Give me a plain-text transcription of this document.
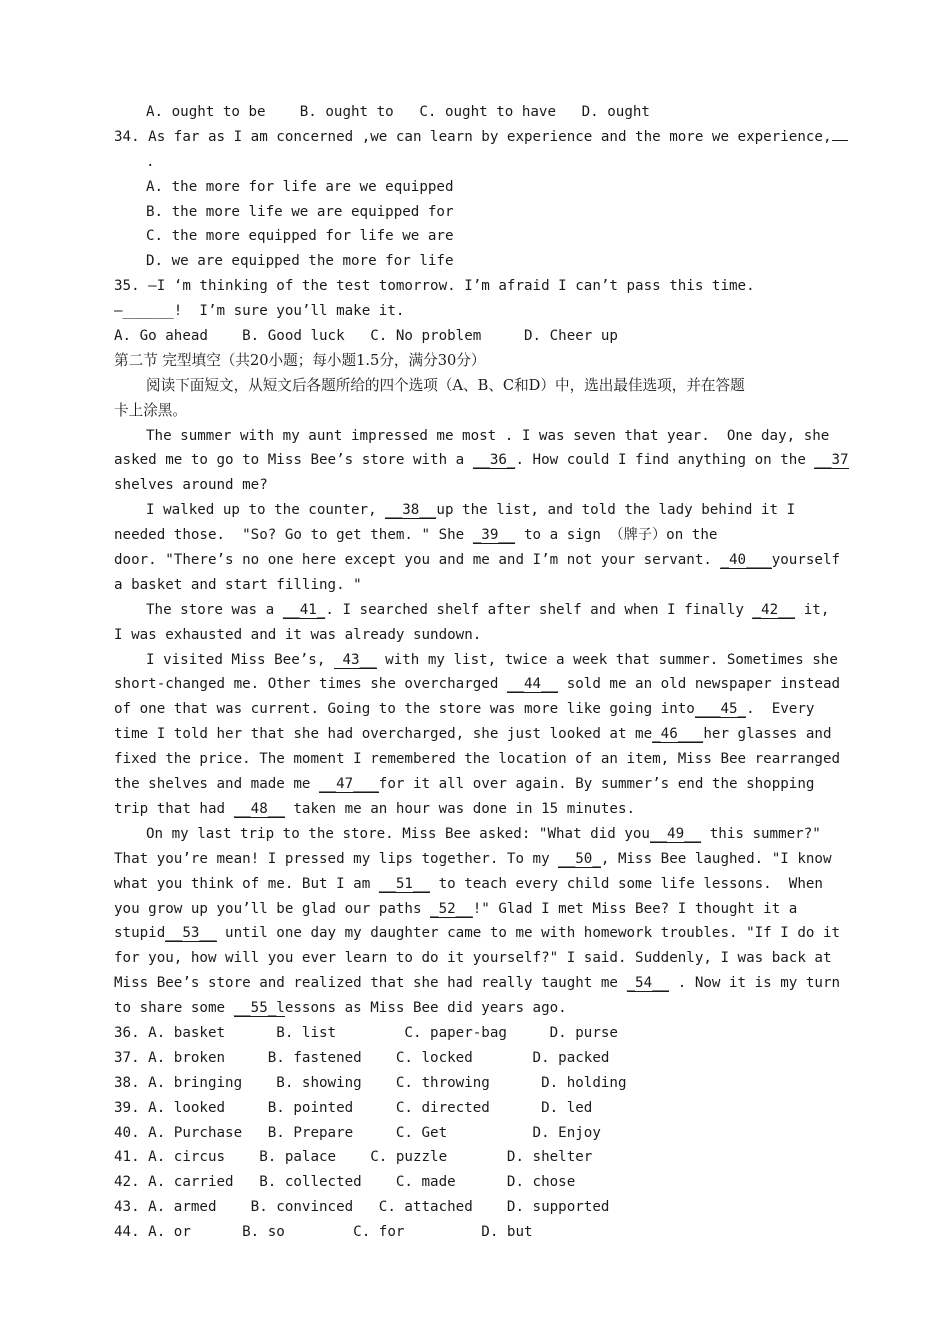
A. ought to be    B. ought to   C. ought to have   D. ought
34. As far as I am concerned ,we can learn by experience and the more we experience,
.
A. the more for life are we equipped
B. the more life we are equipped for
C. the more equipped for life we are
D. we are equipped the more for life
35. —I ‘m thinking of the test tomorrow. I’m afraid I can’t pass this time.
—______!  I’m sure you’ll make it.
A. Go ahead    B. Good luck   C. No problem     D. Cheer up
第二节 完型填空（共20小题；每小题1.5分，满分30分）
阅读下面短文，从短文后各题所给的四个选项（A、B、C和D）中，选出最佳选项，并在答题
卡上涂黑。
The summer with my aunt impressed me most . I was seven that year.  One day, she
asked me to go to Miss Bee’s store with a __36_. How could I find anything on the __37
shelves around me?
I walked up to the counter, __38__up the list, and told the lady behind it I
needed those.  "So? Go to get them. " She _39__ to a sign （牌子）on the
door. "There’s no one here except you and me and I’m not your servant. _40___yourself
a basket and start filling. "
The store was a __41_. I searched shelf after shelf and when I finally _42__ it,
I was exhausted and it was already sundown.
I visited Miss Bee’s,  43__ with my list, twice a week that summer. Sometimes she
short-changed me. Other times she overcharged __44__ sold me an old newspaper instead
of one that was current. Going to the store was more like going into___45_.  Every
time I told her that she had overcharged, she just looked at me_46___her glasses and
fixed the price. The moment I remembered the location of an item, Miss Bee rearranged
the shelves and made me __47___for it all over again. By summer’s end the shopping
trip that had __48__ taken me an hour was done in 15 minutes.
On my last trip to the store. Miss Bee asked: "What did you__49__ this summer?"
That you’re mean! I pressed my lips together. To my __50_, Miss Bee laughed. "I know
what you think of me. But I am __51__ to teach every child some life lessons.  When
you grow up you’ll be glad our paths _52__!" Glad I met Miss Bee? I thought it a
stupid__53__ until one day my daughter came to me with homework troubles. "If I do it
for you, how will you ever learn to do it yourself?" I said. Suddenly, I was back at
Miss Bee’s store and realized that she had really taught me _54__ . Now it is my turn
to share some __55_lessons as Miss Bee did years ago.
36. A. basket      B. list        C. paper-bag     D. purse
37. A. broken     B. fastened    C. locked       D. packed
38. A. bringing    B. showing    C. throwing      D. holding
39. A. looked     B. pointed     C. directed      D. led
40. A. Purchase   B. Prepare     C. Get          D. Enjoy
41. A. circus    B. palace    C. puzzle       D. shelter
42. A. carried   B. collected    C. made      D. chose
43. A. armed    B. convinced   C. attached    D. supported
44. A. or      B. so        C. for         D. but
